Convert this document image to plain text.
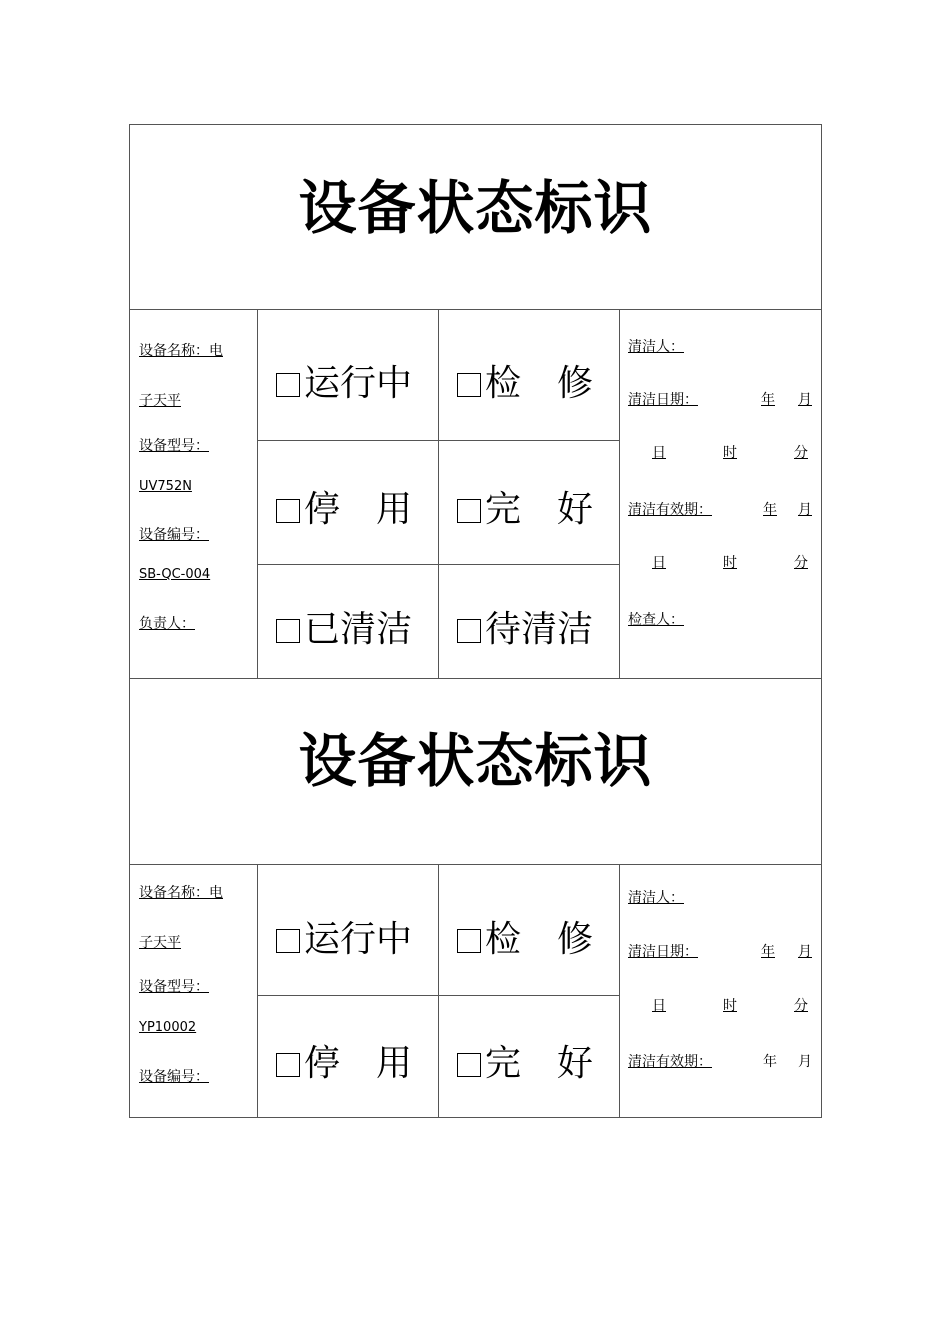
设备状态标识
设备名称：电
子天平
设备型号：
UV752N
设备编号：
SB-QC-004
负责人：
运行中	检　修
停　用	完　好
已清洁	待清洁
清洁人：
清洁日期：	年 月
日	时	分
清洁有效期：	年 月
日	时	分
检查人：
设备状态标识
设备名称：电
子天平
设备型号：
YP10002
设备编号：
运行中	检　修
停　用	完　好
清洁人：
清洁日期：	年 月
日	时	分
清洁有效期：	年 月
